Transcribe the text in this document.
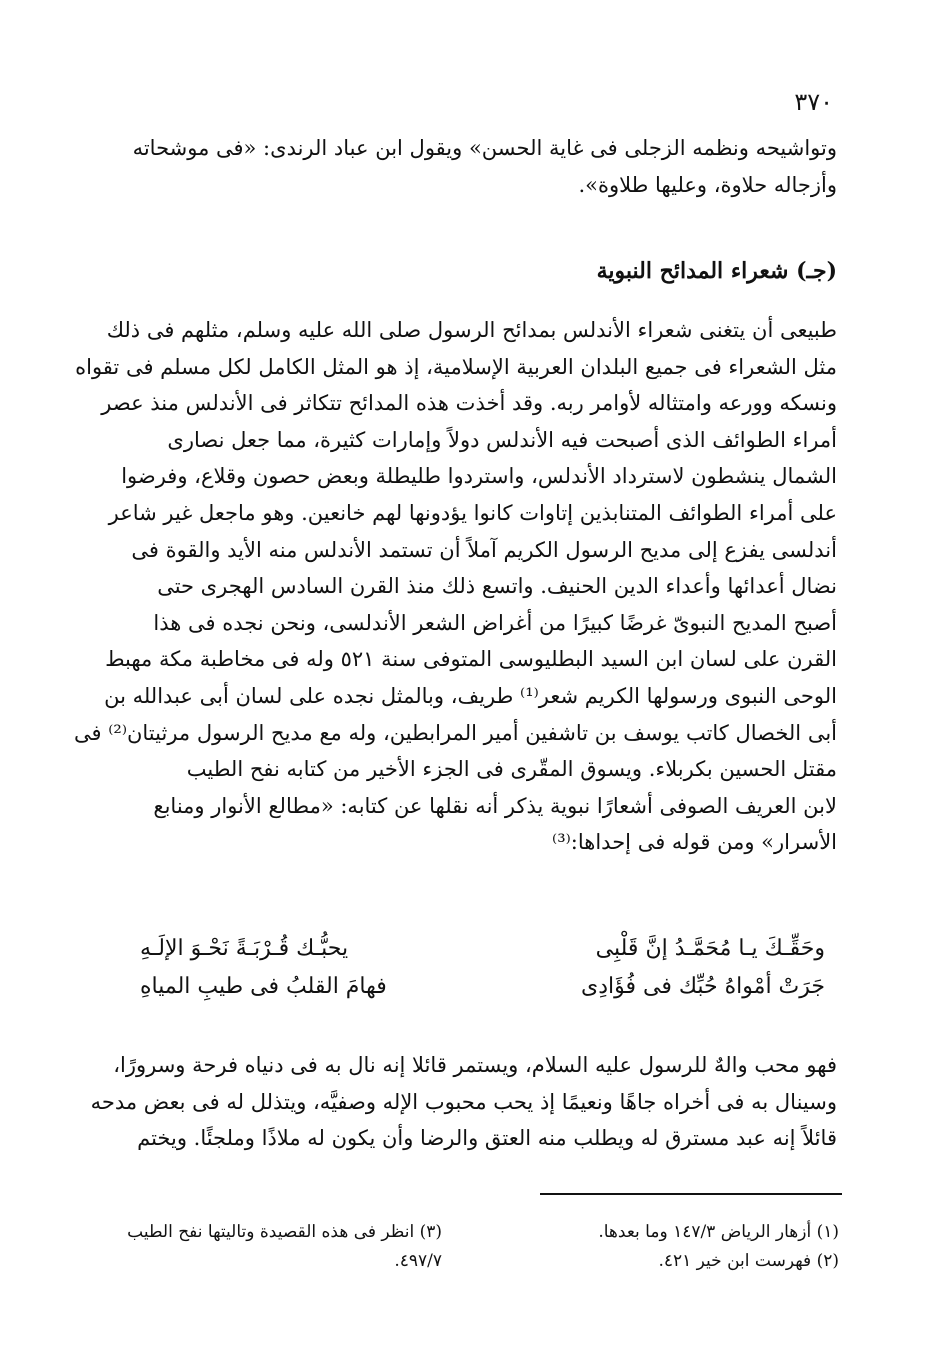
٣٧٠
وتواشيحه ونظمه الزجلى فى غاية الحسن» ويقول ابن عباد الرندى: «فى موشحاته
وأزجاله حلاوة، وعليها طلاوة».
(جـ) شعراء المدائح النبوية
طبيعى أن يتغنى شعراء الأندلس بمدائح الرسول صلى الله عليه وسلم، مثلهم فى ذلك
مثل الشعراء فى جميع البلدان العربية الإسلامية، إذ هو المثل الكامل لكل مسلم فى تقواه
ونسكه وورعه وامتثاله لأوامر ربه. وقد أخذت هذه المدائح تتكاثر فى الأندلس منذ عصر
أمراء الطوائف الذى أصبحت فيه الأندلس دولاً وإمارات كثيرة، مما جعل نصارى
الشمال ينشطون لاسترداد الأندلس، واستردوا طليطلة وبعض حصون وقلاع، وفرضوا
على أمراء الطوائف المتنابذين إتاوات كانوا يؤدونها لهم خانعين. وهو ماجعل غير شاعر
أندلسى يفزع إلى مديح الرسول الكريم آملاً أن تستمد الأندلس منه الأيد والقوة فى
نضال أعدائها وأعداء الدين الحنيف. واتسع ذلك منذ القرن السادس الهجرى حتى
أصبح المديح النبوىّ غرضًا كبيرًا من أغراض الشعر الأندلسى، ونحن نجده فى هذا
القرن على لسان ابن السيد البطليوسى المتوفى سنة ٥٢١ وله فى مخاطبة مكة مهبط
الوحى النبوى ورسولها الكريم شعر⁽¹⁾ طريف، وبالمثل نجده على لسان أبى عبدالله بن
أبى الخصال كاتب يوسف بن تاشفين أمير المرابطين، وله مع مديح الرسول مرثيتان⁽²⁾ فى
مقتل الحسين بكربلاء. ويسوق المقّرى فى الجزء الأخير من كتابه نفح الطيب
لابن العريف الصوفى أشعارًا نبوية يذكر أنه نقلها عن كتابه: «مطالع الأنوار ومنابع
الأسرار» ومن قوله فى إحداها:⁽³⁾
وحَقِّـكَ يـا مُحَمَّـدُ إنَّ قَلْبِى
يحبُّـك قُـرْبَـةً نَحْـوَ الإلَـهِ
جَرَتْ أمْواهُ حُبِّك فى فُؤَادِى
فهامَ القلبُ فى طيبِ المياهِ
فهو محب والهٌ للرسول عليه السلام، ويستمر قائلا إنه نال به فى دنياه فرحة وسرورًا،
وسينال به فى أخراه جاهًا ونعيمًا إذ يحب محبوب الإله وصفيَّه، ويتذلل له فى بعض مدحه
قائلاً إنه عبد مسترق له ويطلب منه العتق والرضا وأن يكون له ملاذًا وملجئًا. ويختم
(١) أزهار الرياض ١٤٧/٣ وما بعدها.
(٢) فهرست ابن خير ٤٢١.
(٣) انظر فى هذه القصيدة وتاليتها نفح الطيب
٤٩٧/٧.
